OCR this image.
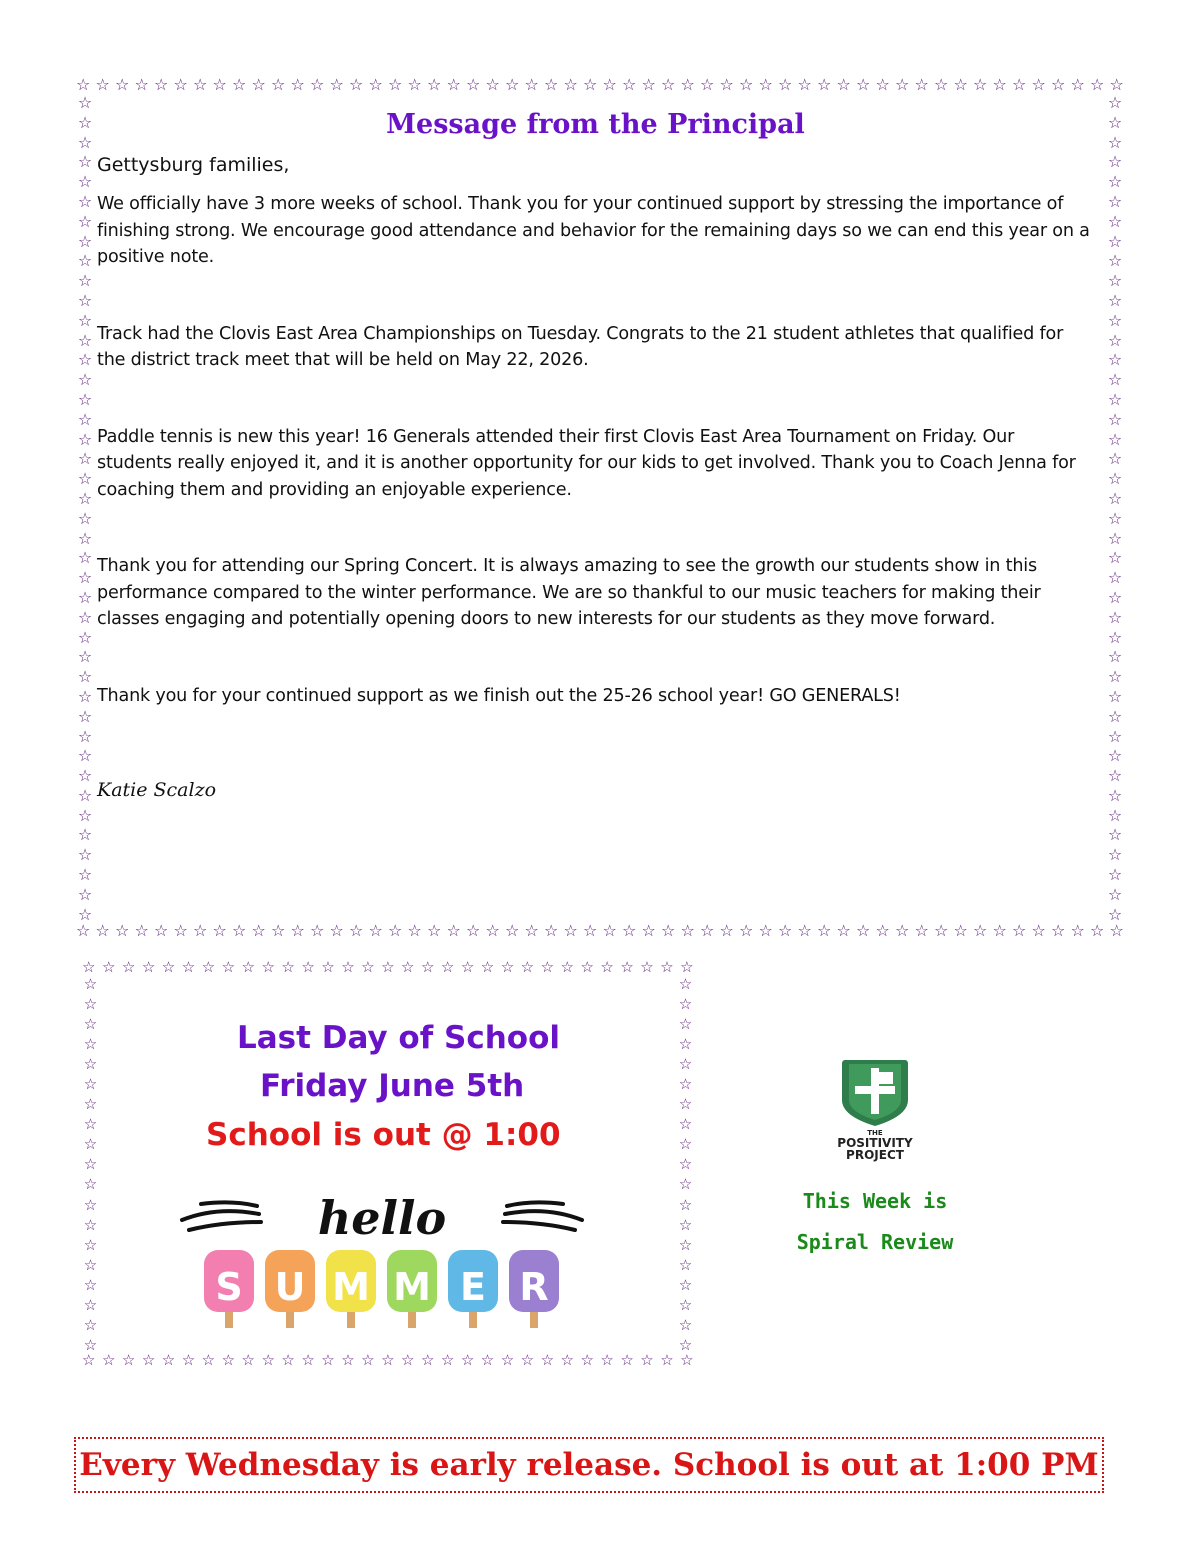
☆ ☆ ☆ ☆ ☆ ☆ ☆ ☆ ☆ ☆ ☆ ☆ ☆ ☆ ☆ ☆ ☆ ☆ ☆ ☆ ☆ ☆ ☆ ☆ ☆ ☆ ☆ ☆ ☆ ☆ ☆ ☆ ☆ ☆ ☆ ☆ ☆ ☆ ☆ ☆ ☆ ☆ ☆ ☆ ☆ ☆ ☆ ☆ ☆ ☆ ☆ ☆ ☆ ☆
☆ ☆ ☆ ☆ ☆ ☆ ☆ ☆ ☆ ☆ ☆ ☆ ☆ ☆ ☆ ☆ ☆ ☆ ☆ ☆ ☆ ☆ ☆ ☆ ☆ ☆ ☆ ☆ ☆ ☆ ☆ ☆ ☆ ☆ ☆ ☆ ☆ ☆ ☆ ☆ ☆ ☆ ☆ ☆ ☆ ☆ ☆ ☆ ☆ ☆ ☆ ☆ ☆ ☆
☆
☆
☆
☆
☆
☆
☆
☆
☆
☆
☆
☆
☆
☆
☆
☆
☆
☆
☆
☆
☆
☆
☆
☆
☆
☆
☆
☆
☆
☆
☆
☆
☆
☆
☆
☆
☆
☆
☆
☆
☆
☆
☆
☆
☆
☆
☆
☆
☆
☆
☆
☆
☆
☆
☆
☆
☆
☆
☆
☆
☆
☆
☆
☆
☆
☆
☆
☆
☆
☆
☆
☆
☆
☆
☆
☆
☆
☆
☆
☆
☆
☆
☆
☆
Message from the Principal

Gettysburg families,

We officially have 3 more weeks of school. Thank you for your continued support by stressing the importance of finishing strong. We encourage good attendance and behavior for the remaining days so we can end this year on a positive note.

Track had the Clovis East Area Championships on Tuesday. Congrats to the 21 student athletes that qualified for the district track meet that will be held on May 22, 2026.

Paddle tennis is new this year! 16 Generals attended their first Clovis East Area Tournament on Friday. Our students really enjoyed it, and it is another opportunity for our kids to get involved. Thank you to Coach Jenna for coaching them and providing an enjoyable experience.

Thank you for attending our Spring Concert. It is always amazing to see the growth our students show in this performance compared to the winter performance. We are so thankful to our music teachers for making their classes engaging and potentially opening doors to new interests for our students as they move forward.

Thank you for your continued support as we finish out the 25-26 school year! GO GENERALS!

Katie Scalzo

☆ ☆ ☆ ☆ ☆ ☆ ☆ ☆ ☆ ☆ ☆ ☆ ☆ ☆ ☆ ☆ ☆ ☆ ☆ ☆ ☆ ☆ ☆ ☆ ☆ ☆ ☆ ☆ ☆ ☆ ☆
☆ ☆ ☆ ☆ ☆ ☆ ☆ ☆ ☆ ☆ ☆ ☆ ☆ ☆ ☆ ☆ ☆ ☆ ☆ ☆ ☆ ☆ ☆ ☆ ☆ ☆ ☆ ☆ ☆ ☆ ☆
☆
☆
☆
☆
☆
☆
☆
☆
☆
☆
☆
☆
☆
☆
☆
☆
☆
☆
☆
☆
☆
☆
☆
☆
☆
☆
☆
☆
☆
☆
☆
☆
☆
☆
☆
☆
☆
☆
Last Day of School
Friday June 5th
School is out @ 1:00
hello
S U M M E R
THE
POSITIVITY
PROJECT
This Week is
Spiral Review
Every Wednesday is early release. School is out at 1:00 PM
